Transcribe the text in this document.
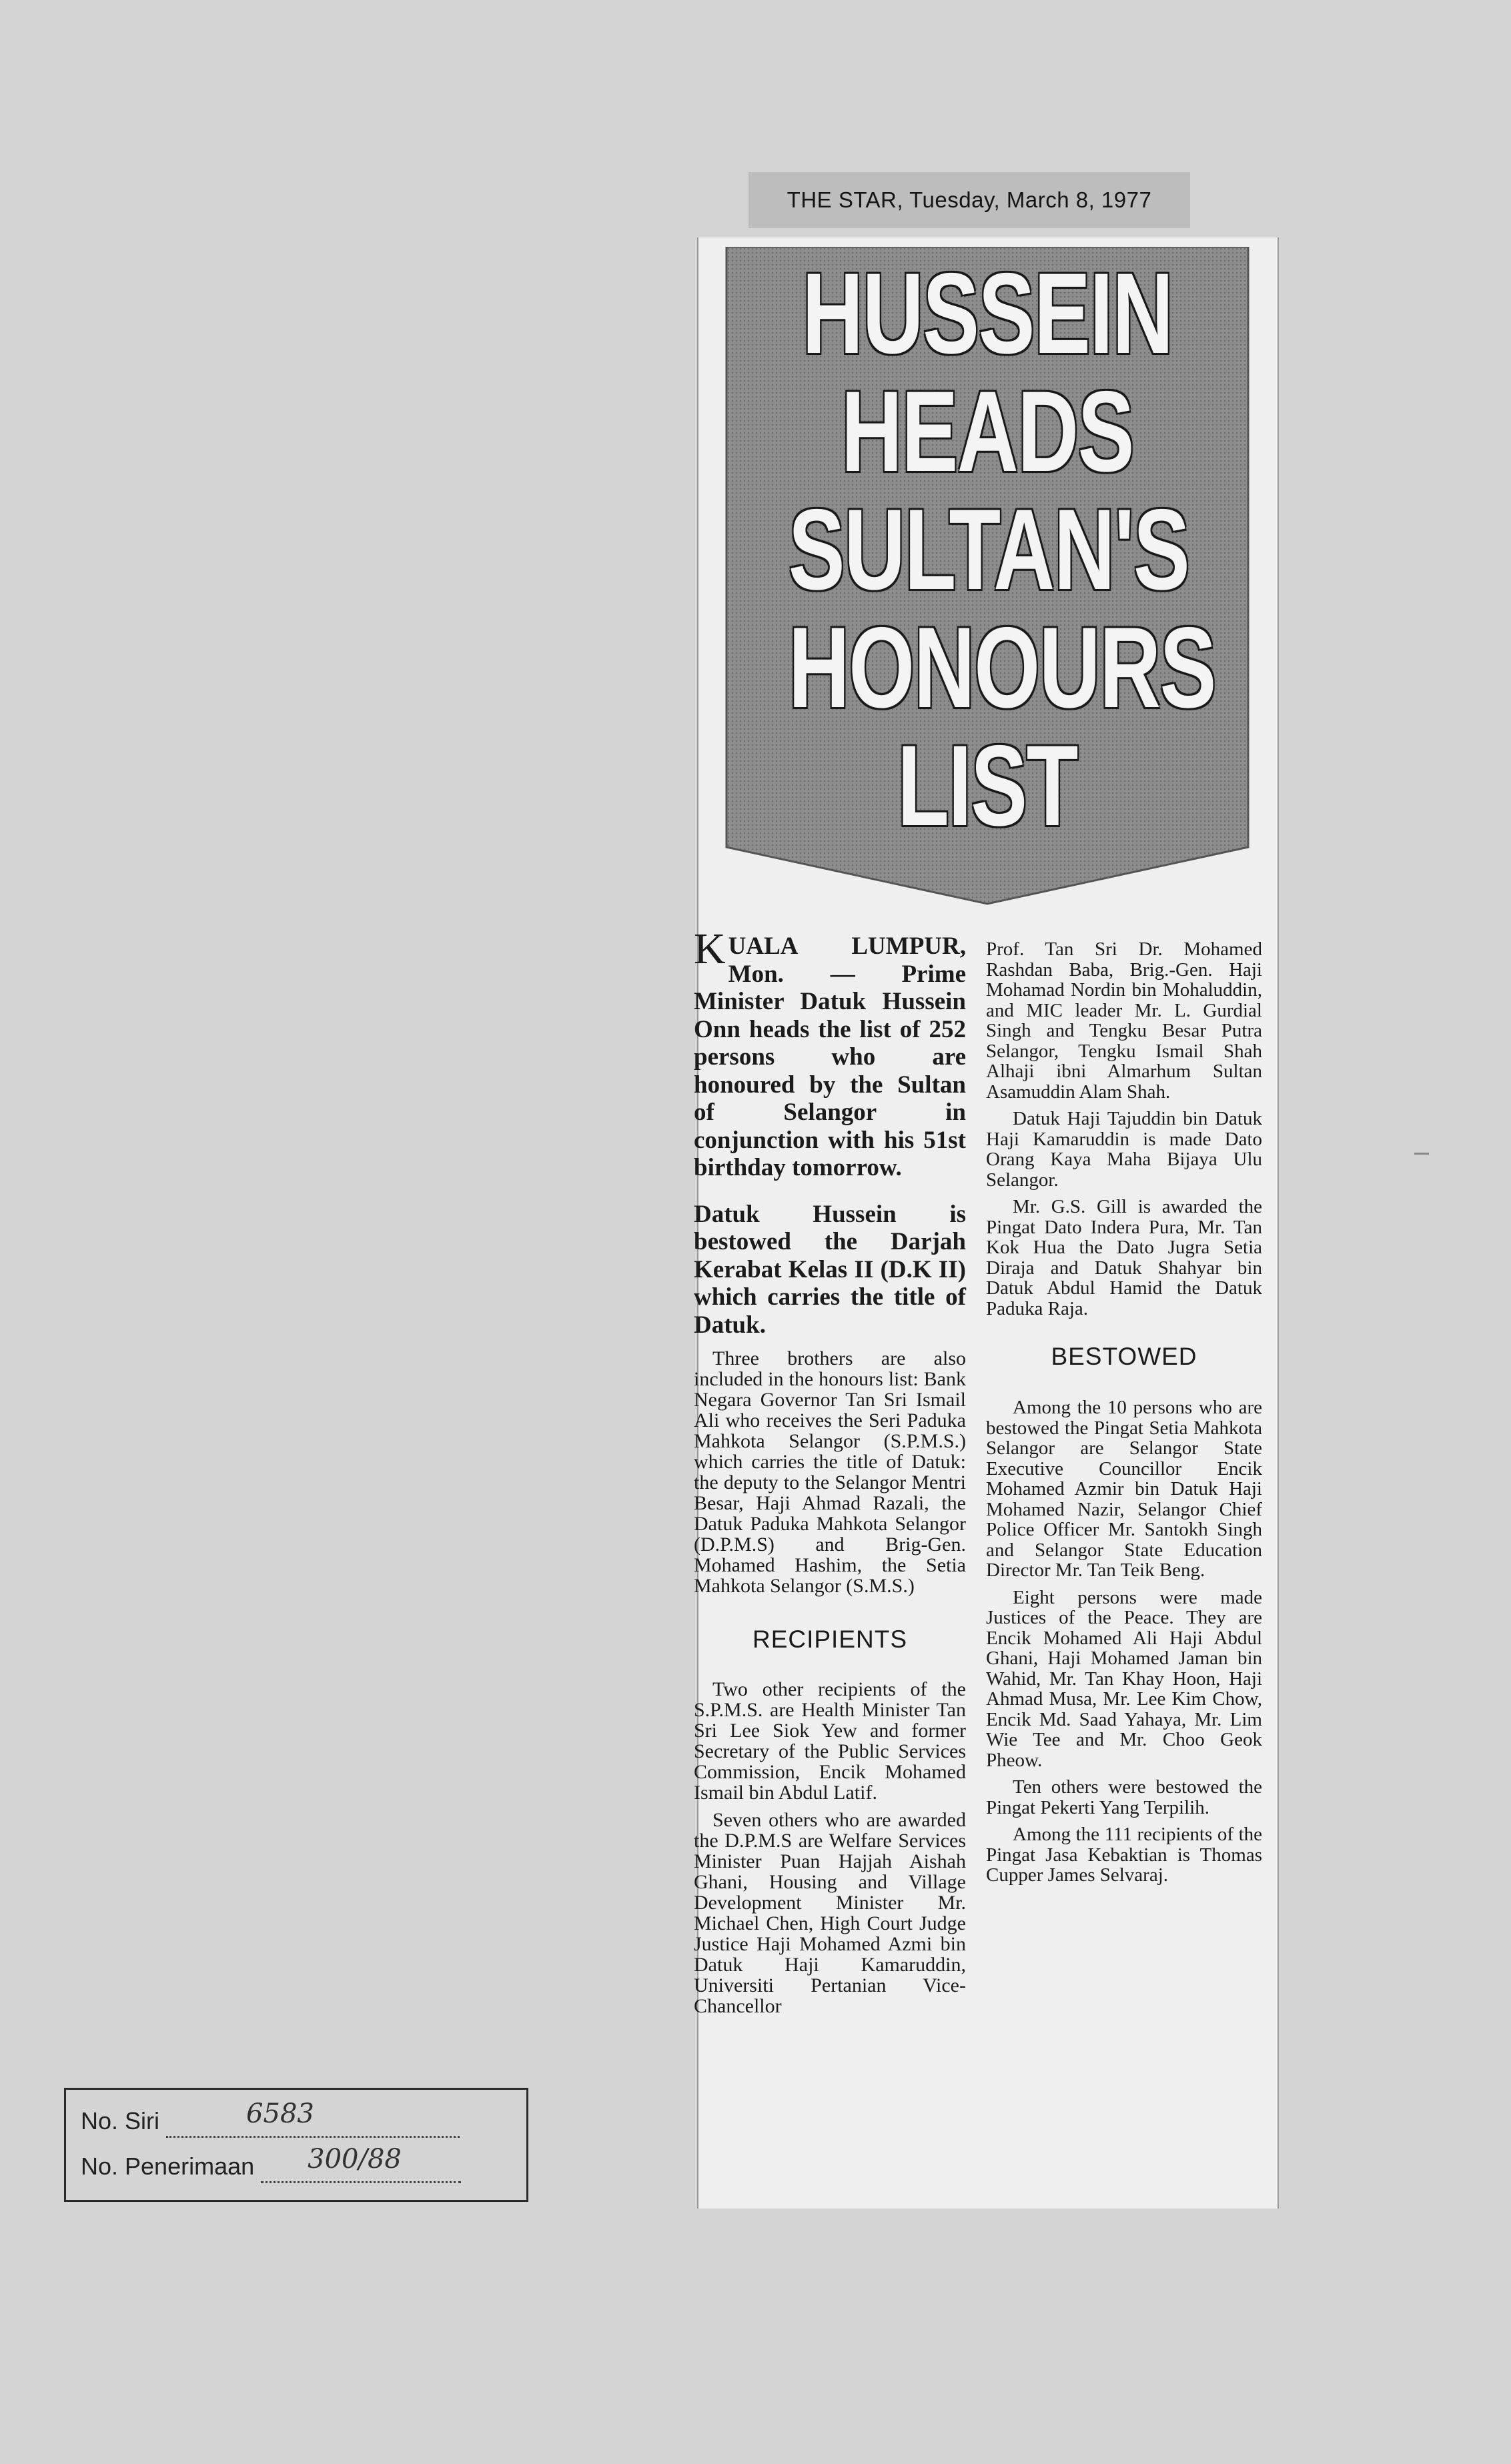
THE STAR, Tuesday, March 8, 1977
HUSSEIN
HEADS
SULTAN'S
HONOURS
LIST

KUALA LUMPUR, Mon. — Prime Minister Datuk Hussein Onn heads the list of 252 persons who are honoured by the Sultan of Selangor in conjunction with his 51st birthday tomorrow.

Datuk Hussein is bestowed the Darjah Kerabat Kelas II (D.K II) which carries the title of Datuk.

Three brothers are also included in the honours list: Bank Negara Governor Tan Sri Ismail Ali who receives the Seri Paduka Mahkota Selangor (S.P.M.S.) which carries the title of Datuk: the deputy to the Selangor Mentri Besar, Haji Ahmad Razali, the Datuk Paduka Mahkota Selangor (D.P.M.S) and Brig-Gen. Mohamed Hashim, the Setia Mahkota Selangor (S.M.S.)

RECIPIENTS

Two other recipients of the S.P.M.S. are Health Minister Tan Sri Lee Siok Yew and former Secretary of the Public Services Commission, Encik Mohamed Ismail bin Abdul Latif.

Seven others who are awarded the D.P.M.S are Welfare Services Minister Puan Hajjah Aishah Ghani, Housing and Village Development Minister Mr. Michael Chen, High Court Judge Justice Haji Mohamed Azmi bin Datuk Haji Kamaruddin, Universiti Pertanian Vice-Chancellor

Prof. Tan Sri Dr. Mohamed Rashdan Baba, Brig.-Gen. Haji Mohamad Nordin bin Mohaluddin, and MIC leader Mr. L. Gurdial Singh and Tengku Besar Putra Selangor, Tengku Ismail Shah Alhaji ibni Almarhum Sultan Asamuddin Alam Shah.

Datuk Haji Tajuddin bin Datuk Haji Kamaruddin is made Dato Orang Kaya Maha Bijaya Ulu Selangor.

Mr. G.S. Gill is awarded the Pingat Dato Indera Pura, Mr. Tan Kok Hua the Dato Jugra Setia Diraja and Datuk Shahyar bin Datuk Abdul Hamid the Datuk Paduka Raja.

BESTOWED

Among the 10 persons who are bestowed the Pingat Setia Mahkota Selangor are Selangor State Executive Councillor Encik Mohamed Azmir bin Datuk Haji Mohamed Nazir, Selangor Chief Police Officer Mr. Santokh Singh and Selangor State Education Director Mr. Tan Teik Beng.

Eight persons were made Justices of the Peace. They are Encik Mohamed Ali Haji Abdul Ghani, Haji Mohamed Jaman bin Wahid, Mr. Tan Khay Hoon, Haji Ahmad Musa, Mr. Lee Kim Chow, Encik Md. Saad Yahaya, Mr. Lim Wie Tee and Mr. Choo Geok Pheow.

Ten others were bestowed the Pingat Pekerti Yang Terpilih.

Among the 111 recipients of the Pingat Jasa Kebaktian is Thomas Cupper James Selvaraj.

No. Siri	6583
No. Penerimaan 300/88
